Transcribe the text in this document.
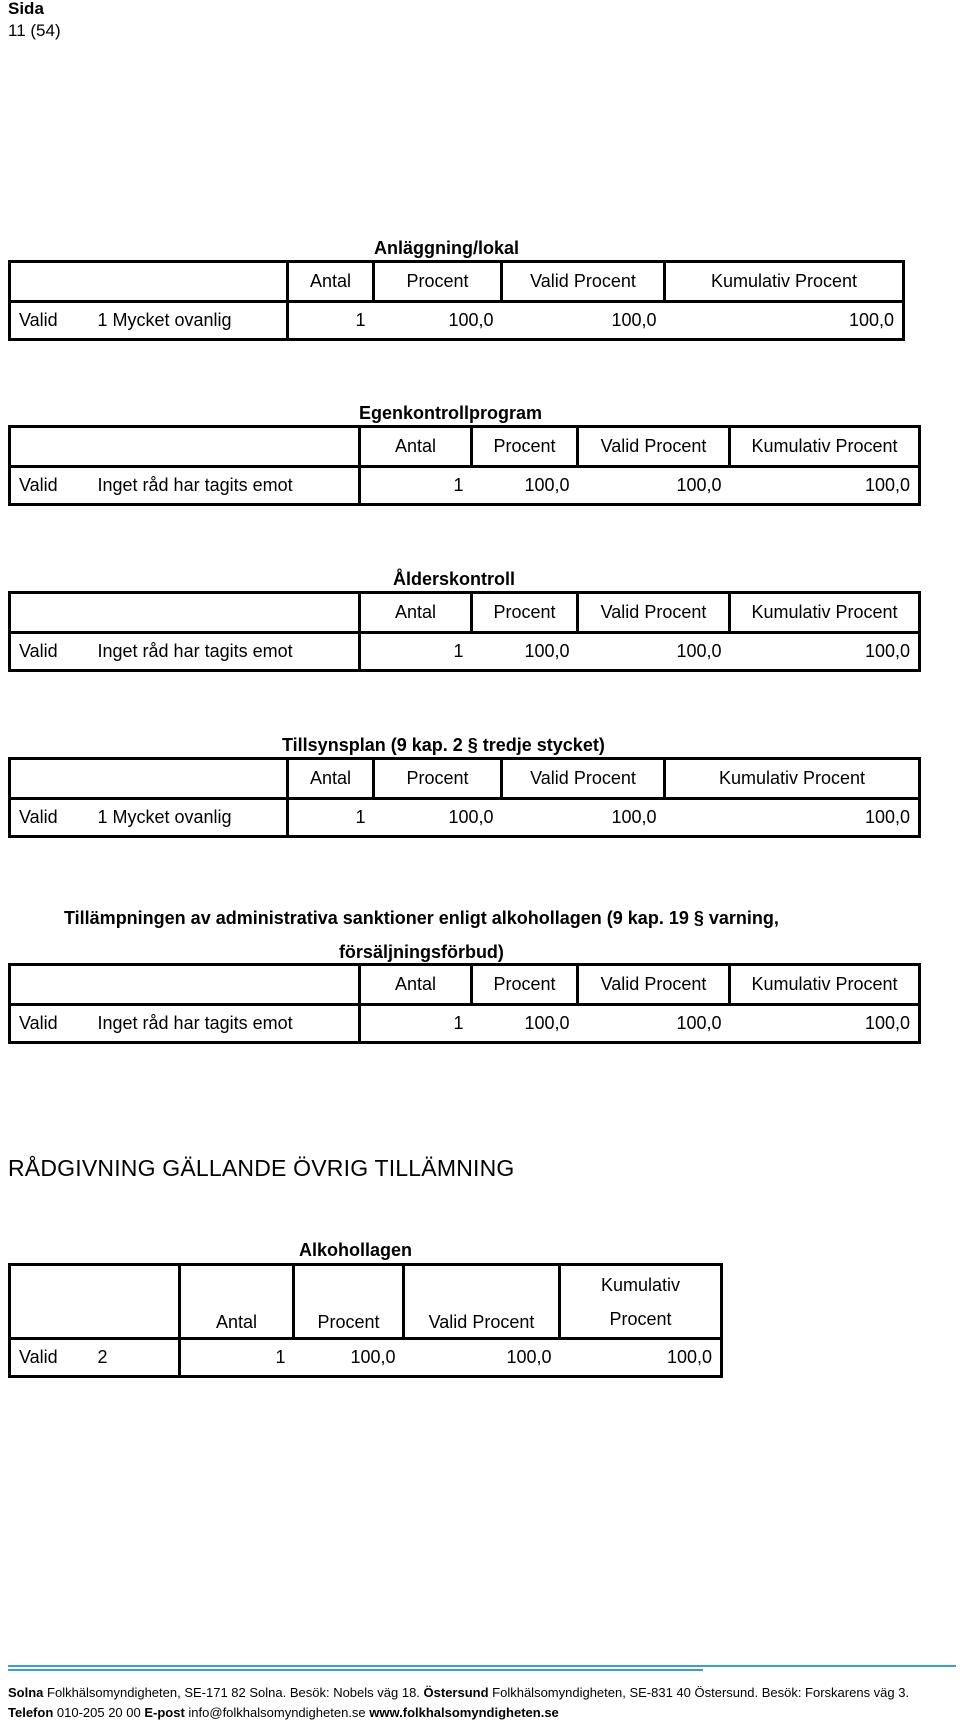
Sida
11 (54)
Anläggning/lokal
		Antal	Procent	Valid Procent	Kumulativ Procent
Valid	1 Mycket ovanlig	1	100,0	100,0	100,0
Egenkontrollprogram
		Antal	Procent	Valid Procent	Kumulativ Procent
Valid	Inget råd har tagits emot	1	100,0	100,0	100,0
Ålderskontroll
		Antal	Procent	Valid Procent	Kumulativ Procent
Valid	Inget råd har tagits emot	1	100,0	100,0	100,0
Tillsynsplan (9 kap. 2 § tredje stycket)
		Antal	Procent	Valid Procent	Kumulativ Procent
Valid	1 Mycket ovanlig	1	100,0	100,0	100,0
Tillämpningen av administrativa sanktioner enligt alkohollagen (9 kap. 19 § varning,
försäljningsförbud)
		Antal	Procent	Valid Procent	Kumulativ Procent
Valid	Inget råd har tagits emot	1	100,0	100,0	100,0
RÅDGIVNING GÄLLANDE ÖVRIG TILLÄMNING
Alkohollagen
		Antal	Procent	Valid Procent	Kumulativ
Procent

Valid	2	1	100,0	100,0	100,0
Solna Folkhälsomyndigheten, SE-171 82 Solna. Besök: Nobels väg 18. Östersund Folkhälsomyndigheten, SE-831 40 Östersund. Besök: Forskarens väg 3.
Telefon 010-205 20 00 E-post info@folkhalsomyndigheten.se www.folkhalsomyndigheten.se
